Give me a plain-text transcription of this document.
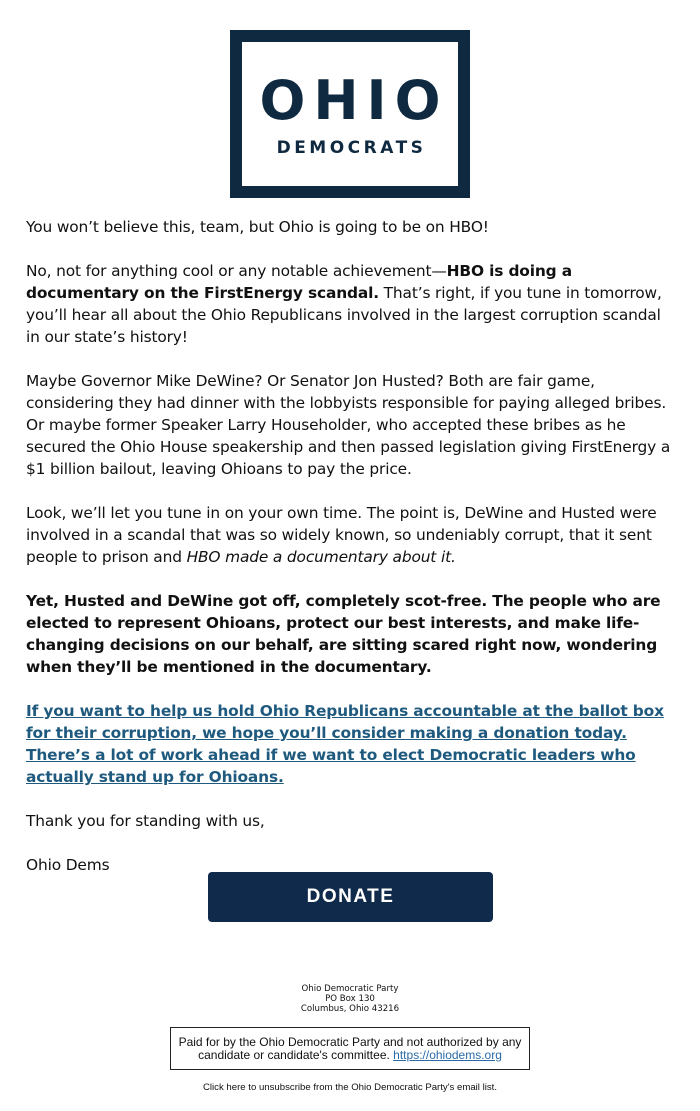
OHIO
DEMOCRATS

You won’t believe this, team, but Ohio is going to be on HBO!

No, not for anything cool or any notable achievement—HBO is doing a documentary on the FirstEnergy scandal. That’s right, if you tune in tomorrow, you’ll hear all about the Ohio Republicans involved in the largest corruption scandal in our state’s history!

Maybe Governor Mike DeWine? Or Senator Jon Husted? Both are fair game, considering they had dinner with the lobbyists responsible for paying alleged bribes. Or maybe former Speaker Larry Householder, who accepted these bribes as he secured the Ohio House speakership and then passed legislation giving FirstEnergy a $1 billion bailout, leaving Ohioans to pay the price.

Look, we’ll let you tune in on your own time. The point is, DeWine and Husted were involved in a scandal that was so widely known, so undeniably corrupt, that it sent people to prison and HBO made a documentary about it.

Yet, Husted and DeWine got off, completely scot-free. The people who are elected to represent Ohioans, protect our best interests, and make life-changing decisions on our behalf, are sitting scared right now, wondering when they’ll be mentioned in the documentary.

If you want to help us hold Ohio Republicans accountable at the ballot box for their corruption, we hope you’ll consider making a donation today. There’s a lot of work ahead if we want to elect Democratic leaders who actually stand up for Ohioans.

Thank you for standing with us,

Ohio Dems

DONATE
Ohio Democratic Party
PO Box 130
Columbus, Ohio 43216
Paid for by the Ohio Democratic Party and not authorized by any candidate or candidate's committee. https://ohiodems.org
Click here to unsubscribe from the Ohio Democratic Party's email list.
